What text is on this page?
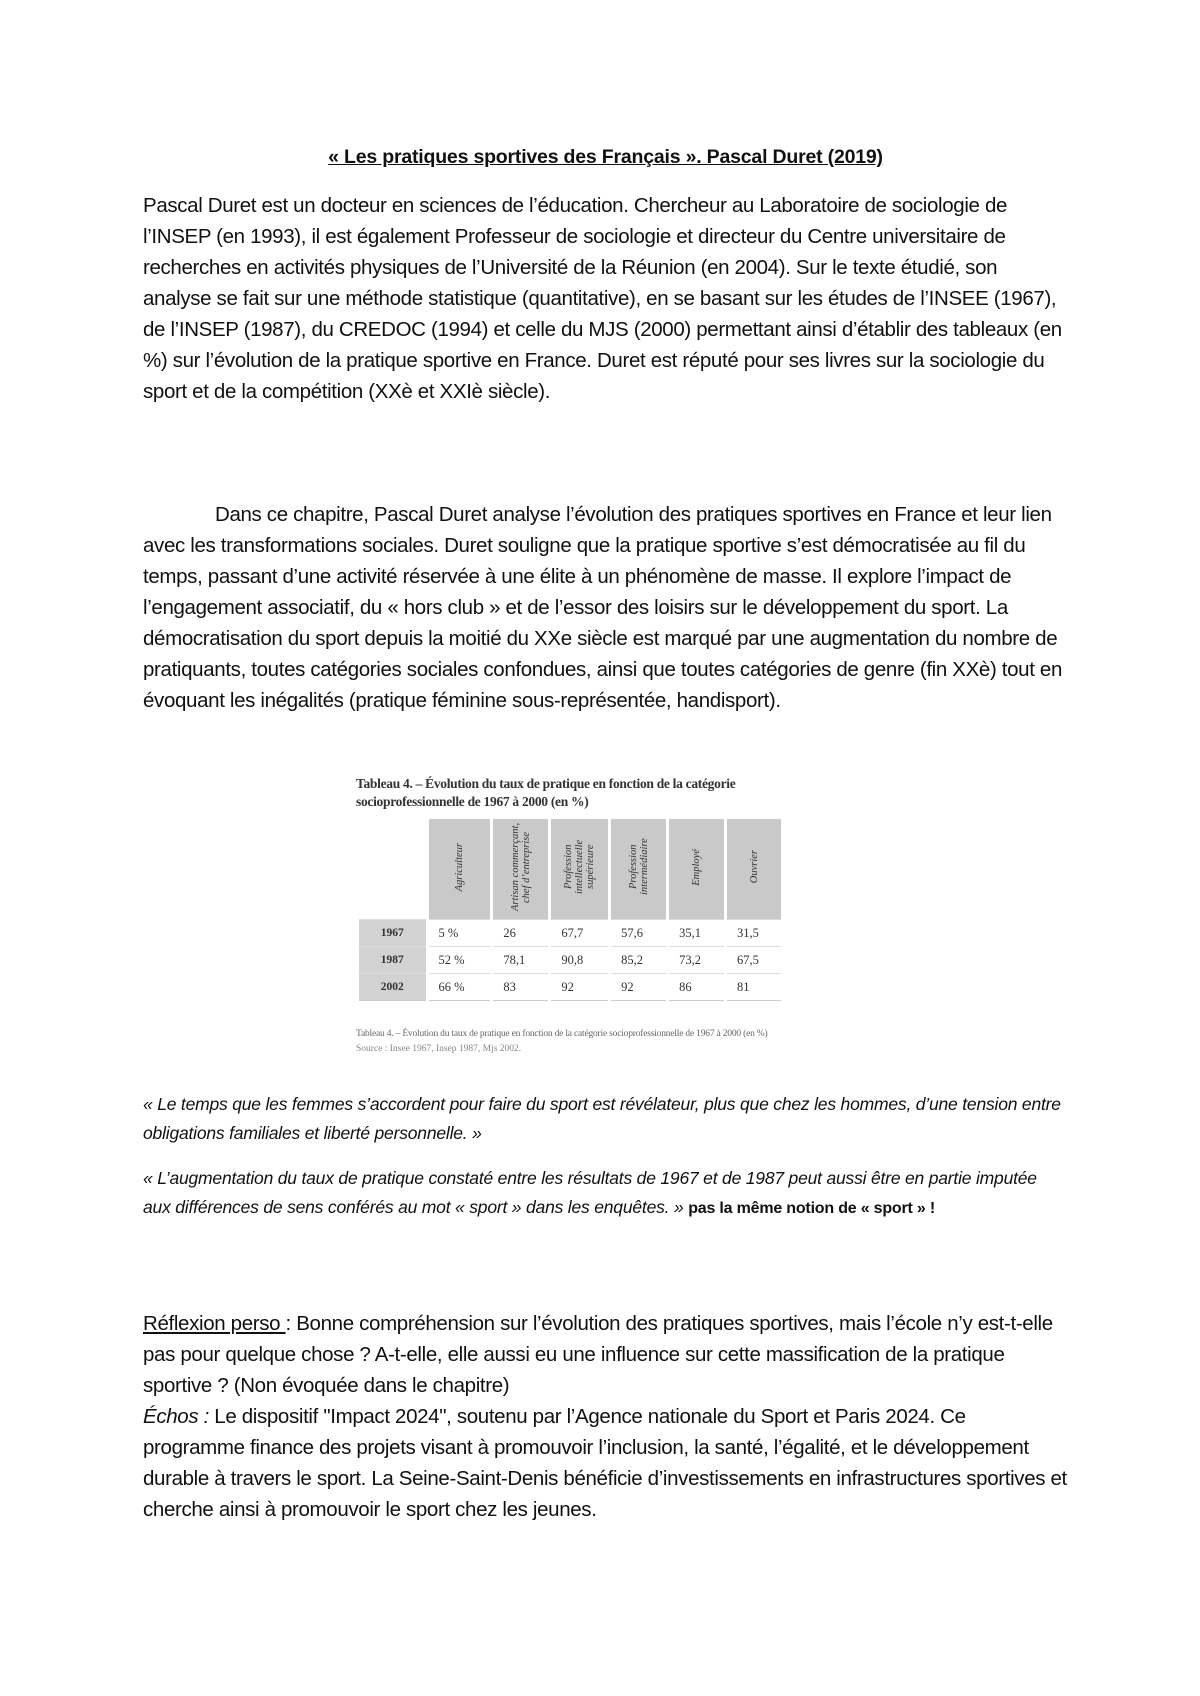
« Les pratiques sportives des Français ». Pascal Duret (2019)

Pascal Duret est un docteur en sciences de l’éducation. Chercheur au Laboratoire de sociologie de l’INSEP (en 1993), il est également Professeur de sociologie et directeur du Centre universitaire de recherches en activités physiques de l’Université de la Réunion (en 2004). Sur le texte étudié, son analyse se fait sur une méthode statistique (quantitative), en se basant sur les études de l’INSEE (1967), de l’INSEP (1987), du CREDOC (1994) et celle du MJS (2000) permettant ainsi d’établir des tableaux (en %) sur l’évolution de la pratique sportive en France. Duret est réputé pour ses livres sur la sociologie du sport et de la compétition (XXè et XXIè siècle).

Dans ce chapitre, Pascal Duret analyse l’évolution des pratiques sportives en France et leur lien avec les transformations sociales. Duret souligne que la pratique sportive s’est démocratisée au fil du temps, passant d’une activité réservée à une élite à un phénomène de masse. Il explore l’impact de l’engagement associatif, du « hors club » et de l’essor des loisirs sur le développement du sport. La démocratisation du sport depuis la moitié du XXe siècle est marqué par une augmentation du nombre de pratiquants, toutes catégories sociales confondues, ainsi que toutes catégories de genre (fin XXè) tout en évoquant les inégalités (pratique féminine sous-représentée, handisport).

Tableau 4. – Évolution du taux de pratique en fonction de la catégorie socioprofessionnelle de 1967 à 2000 (en %)
	Agriculteur	Artisan commerçant, chef d’entreprise	Profession intellectuelle supérieure	Profession intermédiaire	Employé	Ouvrier
1967	5 %	26	67,7	57,6	35,1	31,5
1987	52 %	78,1	90,8	85,2	73,2	67,5
2002	66 %	83	92	92	86	81
Tableau 4. – Évolution du taux de pratique en fonction de la catégorie socioprofessionnelle de 1967 à 2000 (en %)
Source : Insee 1967, Insep 1987, Mjs 2002.

« Le temps que les femmes s’accordent pour faire du sport est révélateur, plus que chez les hommes, d’une tension entre obligations familiales et liberté personnelle. »

« L’augmentation du taux de pratique constaté entre les résultats de 1967 et de 1987 peut aussi être en partie imputée aux différences de sens conférés au mot « sport » dans les enquêtes. » pas la même notion de « sport » !

Réflexion perso : Bonne compréhension sur l’évolution des pratiques sportives, mais l’école n’y est-t-elle pas pour quelque chose ? A-t-elle, elle aussi eu une influence sur cette massification de la pratique sportive ? (Non évoquée dans le chapitre)
Échos : Le dispositif "Impact 2024", soutenu par l’Agence nationale du Sport et Paris 2024. Ce programme finance des projets visant à promouvoir l’inclusion, la santé, l’égalité, et le développement durable à travers le sport. La Seine-Saint-Denis bénéficie d’investissements en infrastructures sportives et cherche ainsi à promouvoir le sport chez les jeunes.
